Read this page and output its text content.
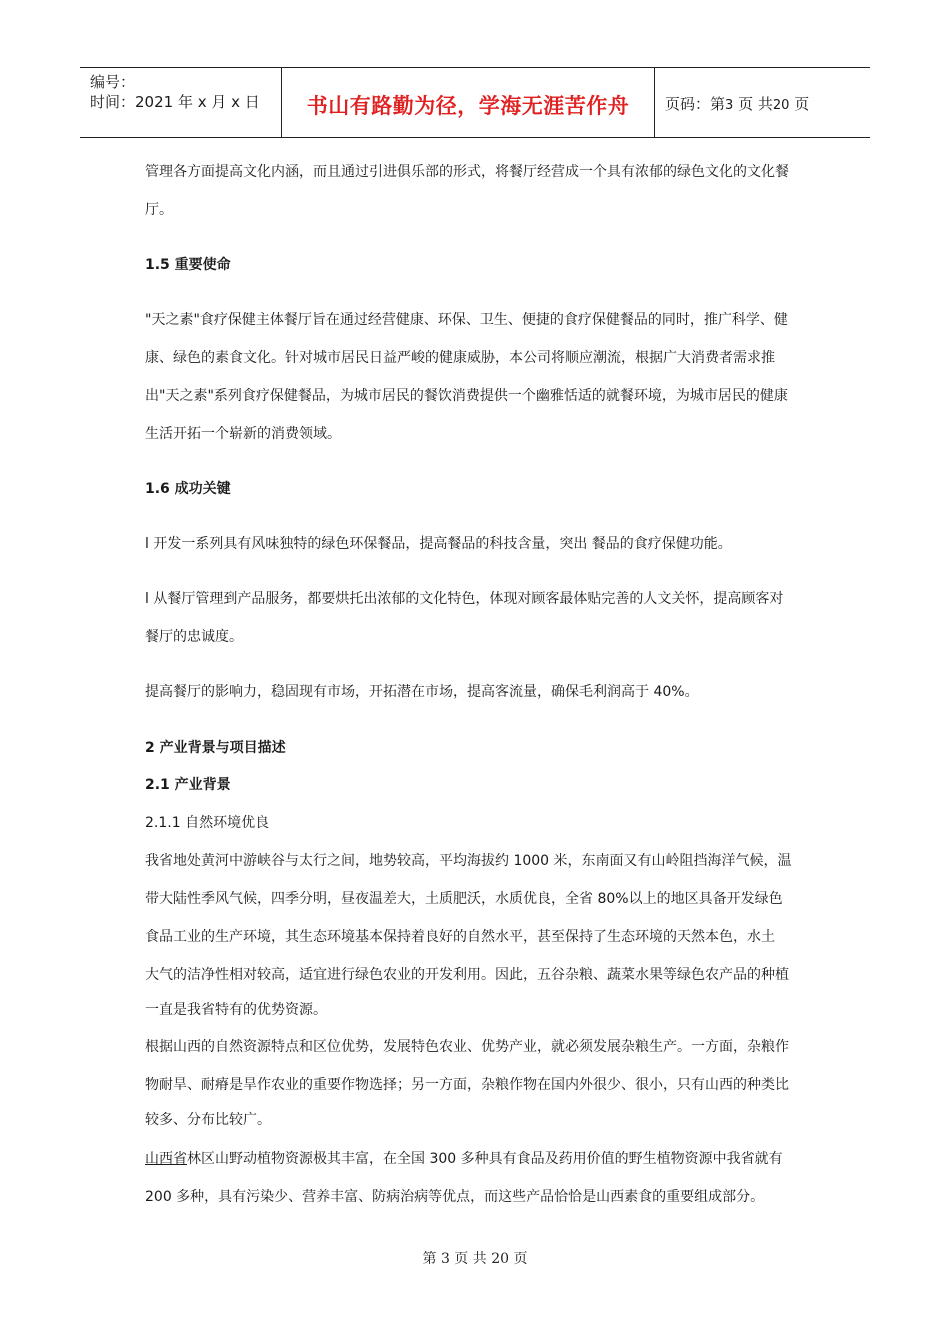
编号：
时间：2021 年 x 月 x 日	书山有路勤为径，学海无涯苦作舟	页码：第3 页 共20 页
管理各方面提高文化内涵，而且通过引进俱乐部的形式，将餐厅经营成一个具有浓郁的绿色文化的文化餐
厅。
1.5 重要使命
"天之素"食疗保健主体餐厅旨在通过经营健康、环保、卫生、便捷的食疗保健餐品的同时，推广科学、健
康、绿色的素食文化。针对城市居民日益严峻的健康威胁，本公司将顺应潮流，根据广大消费者需求推
出"天之素"系列食疗保健餐品，为城市居民的餐饮消费提供一个幽雅恬适的就餐环境，为城市居民的健康
生活开拓一个崭新的消费领域。
1.6 成功关键
l 开发一系列具有风味独特的绿色环保餐品，提高餐品的科技含量，突出 餐品的食疗保健功能。
l 从餐厅管理到产品服务，都要烘托出浓郁的文化特色，体现对顾客最体贴完善的人文关怀，提高顾客对
餐厅的忠诚度。
提高餐厅的影响力，稳固现有市场，开拓潜在市场，提高客流量，确保毛利润高于 40%。
2 产业背景与项目描述
2.1 产业背景
2.1.1 自然环境优良
我省地处黄河中游峡谷与太行之间，地势较高，平均海拔约 1000 米，东南面又有山岭阻挡海洋气候，温
带大陆性季风气候，四季分明，昼夜温差大，土质肥沃，水质优良，全省 80%以上的地区具备开发绿色
食品工业的生产环境，其生态环境基本保持着良好的自然水平，甚至保持了生态环境的天然本色，水土
大气的洁净性相对较高，适宜进行绿色农业的开发利用。因此，五谷杂粮、蔬菜水果等绿色农产品的种植
一直是我省特有的优势资源。
根据山西的自然资源特点和区位优势，发展特色农业、优势产业，就必须发展杂粮生产。一方面，杂粮作
物耐旱、耐瘠是旱作农业的重要作物选择；另一方面，杂粮作物在国内外很少、很小，只有山西的种类比
较多、分布比较广。
山西省林区山野动植物资源极其丰富，在全国 300 多种具有食品及药用价值的野生植物资源中我省就有
200 多种，具有污染少、营养丰富、防病治病等优点，而这些产品恰恰是山西素食的重要组成部分。
第 3 页 共 20 页
